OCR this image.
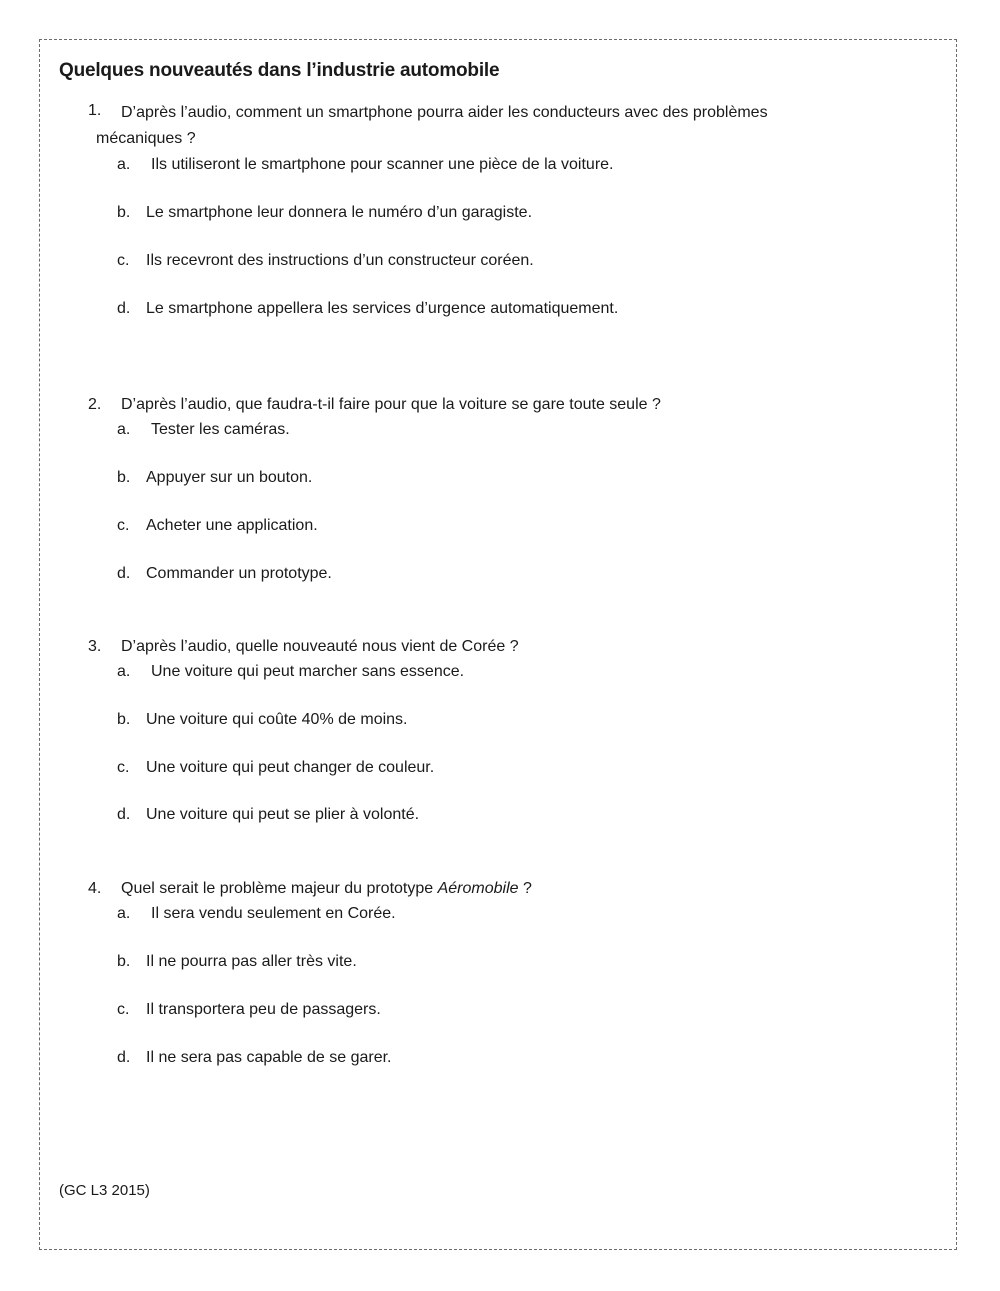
Quelques nouveautés dans l’industrie automobile
1. D’après l’audio, comment un smartphone pourra aider les conducteurs avec des problèmes
mécaniques ?
a. Ils utiliseront le smartphone pour scanner une pièce de la voiture.
b. Le smartphone leur donnera le numéro d’un garagiste.
c. Ils recevront des instructions d’un constructeur coréen.
d. Le smartphone appellera les services d’urgence automatiquement.
2. D’après l’audio, que faudra-t-il faire pour que la voiture se gare toute seule ?
a. Tester les caméras.
b. Appuyer sur un bouton.
c. Acheter une application.
d. Commander un prototype.
3. D’après l’audio, quelle nouveauté nous vient de Corée ?
a. Une voiture qui peut marcher sans essence.
b. Une voiture qui coûte 40% de moins.
c. Une voiture qui peut changer de couleur.
d. Une voiture qui peut se plier à volonté.
4. Quel serait le problème majeur du prototype Aéromobile ?
a. Il sera vendu seulement en Corée.
b. Il ne pourra pas aller très vite.
c. Il transportera peu de passagers.
d. Il ne sera pas capable de se garer.
(GC L3 2015)
